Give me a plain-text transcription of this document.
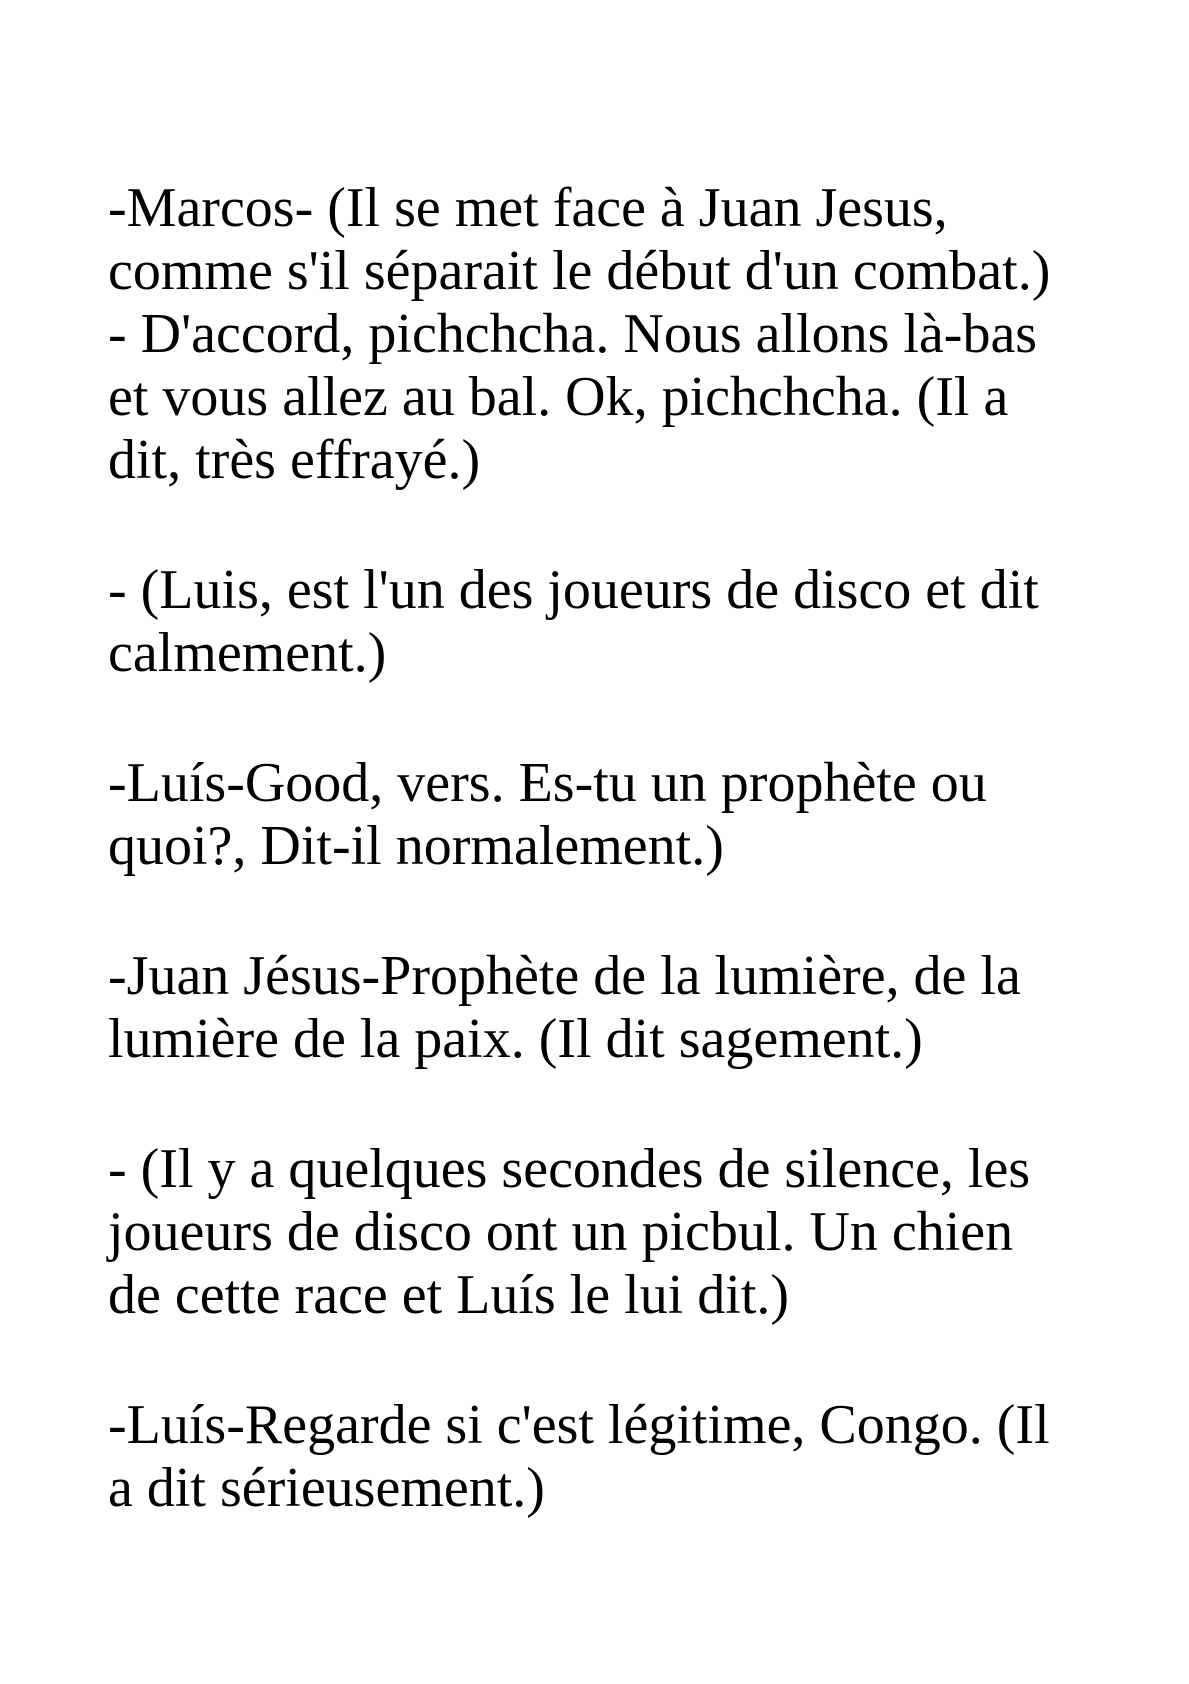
-Marcos- (Il se met face à Juan Jesus,
comme s'il séparait le début d'un combat.)
- D'accord, pichchcha. Nous allons là-bas
et vous allez au bal. Ok, pichchcha. (Il a
dit, très effrayé.)
- (Luis, est l'un des joueurs de disco et dit
calmement.)
-Luís-Good, vers. Es-tu un prophète ou
quoi?, Dit-il normalement.)
-Juan Jésus-Prophète de la lumière, de la
lumière de la paix. (Il dit sagement.)
- (Il y a quelques secondes de silence, les
joueurs de disco ont un picbul. Un chien
de cette race et Luís le lui dit.)
-Luís-Regarde si c'est légitime, Congo. (Il
a dit sérieusement.)
